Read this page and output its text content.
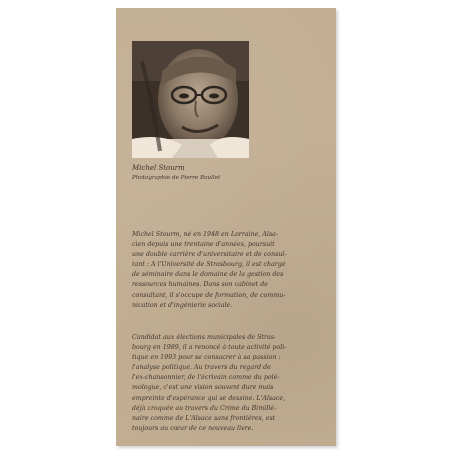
Michel Stourm
Photographie de Pierre Boullet
Michel Stourm, né en 1948 en Lorraine, Alsa-
cien depuis une trentaine d'années, poursuit
une double carrière d'universitaire et de consul-
tant : A l'Université de Strasbourg, il est chargé
de séminaire dans le domaine de la gestion des
ressources humaines. Dans son cabinet de
consultant, il s'occupe de formation, de commu-
nication et d'ingénierie sociale.
Candidat aux élections municipales de Stras-
bourg en 1989, il a renoncé à toute activité poli-
tique en 1993 pour se consacrer à sa passion :
l'analyse politique. Au travers du regard de
l'ex-chansonnier, de l'écrivain comme du polé-
mologue, c'est une vision souvent dure mais
empreinte d'espérance qui se dessine. L'Alsace,
déjà croquée au travers du Crime du Bimillé-
naire comme de L'Alsace sans frontières, est
toujours au cœur de ce nouveau livre.
